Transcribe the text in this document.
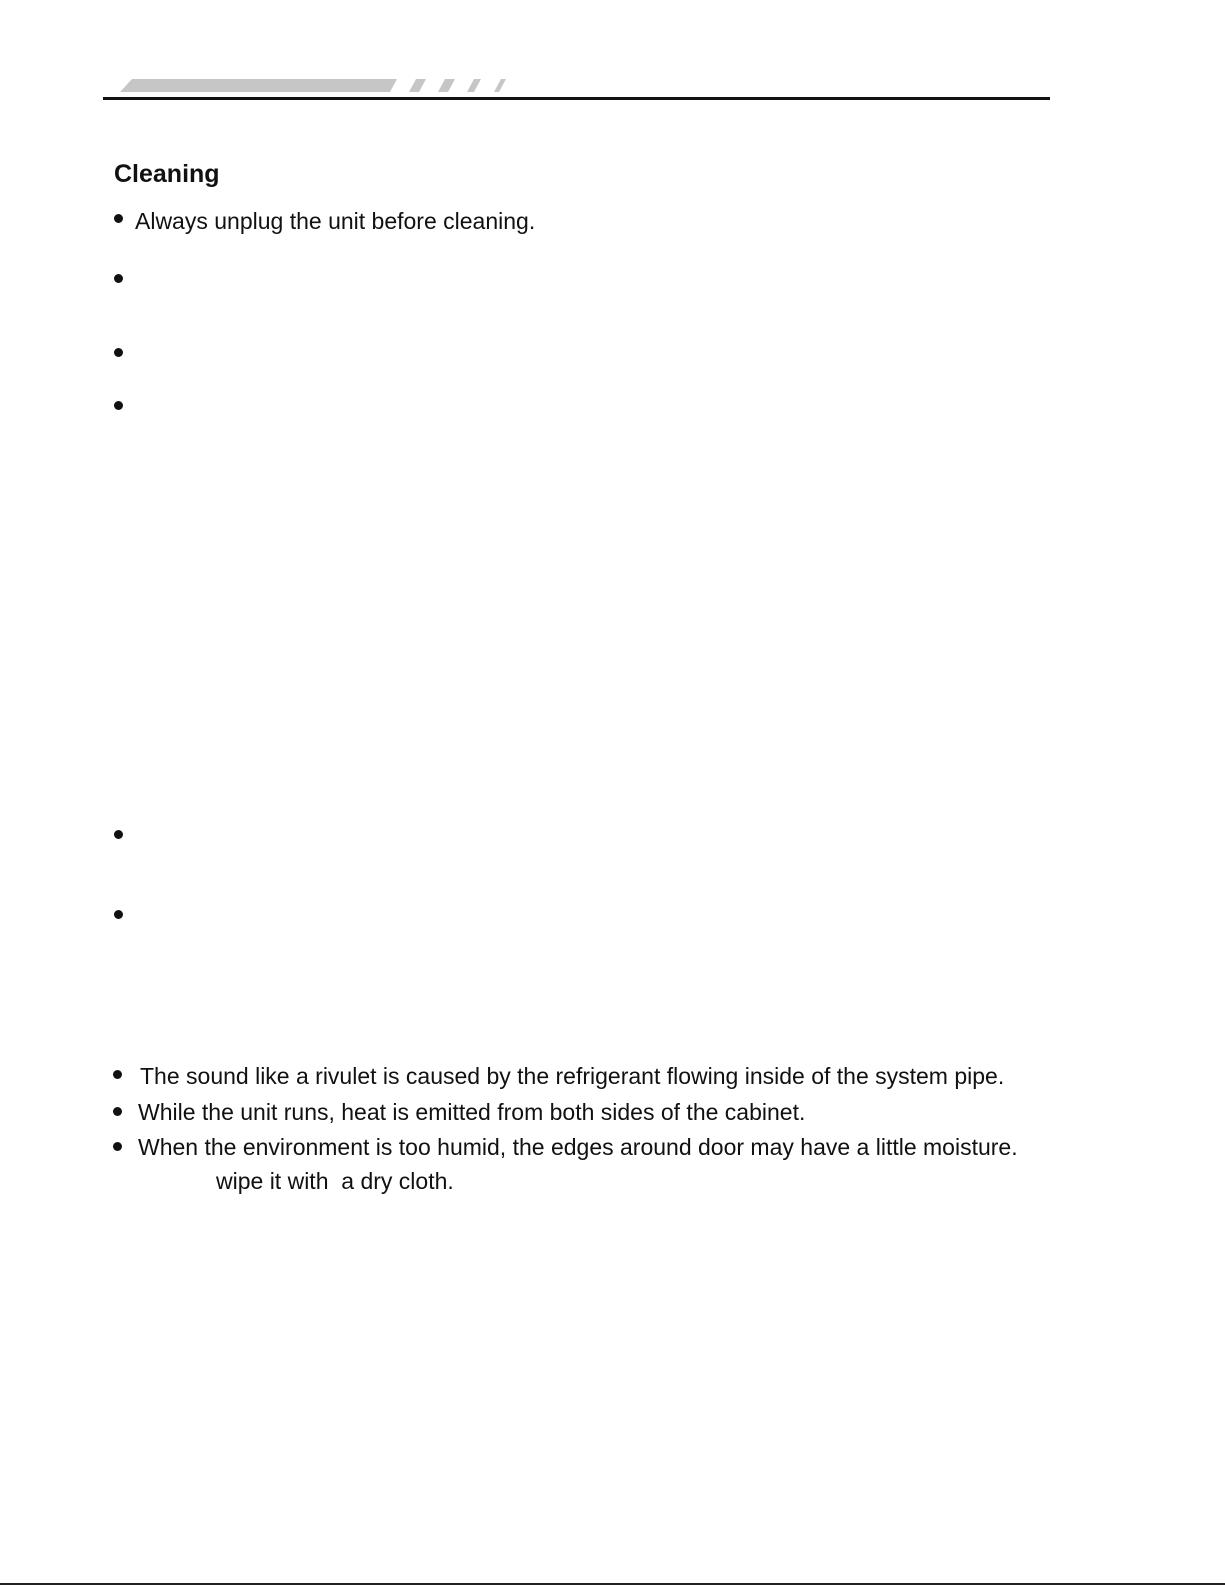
Cleaning

Always unplug the unit before cleaning.

The sound like a rivulet is caused by the refrigerant flowing inside of the system pipe.

While the unit runs, heat is emitted from both sides of the cabinet.

When the environment is too humid, the edges around door may have a little moisture.

wipe it with  a dry cloth.
